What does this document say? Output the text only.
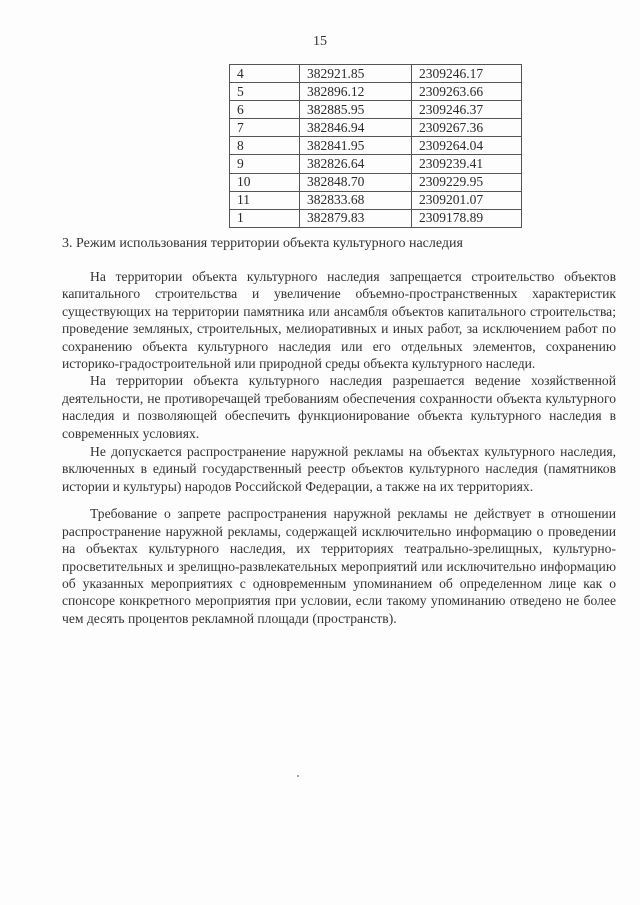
15
4	382921.85	2309246.17
5	382896.12	2309263.66
6	382885.95	2309246.37
7	382846.94	2309267.36
8	382841.95	2309264.04
9	382826.64	2309239.41
10	382848.70	2309229.95
11	382833.68	2309201.07
1	382879.83	2309178.89
3. Режим использования территории объекта культурного наследия

На территории объекта культурного наследия запрещается строительство объектов капитального строительства и увеличение объемно-пространственных характеристик существующих на территории памятника или ансамбля объектов капитального строительства; проведение земляных, строительных, мелиоративных и иных работ, за исключением работ по сохранению объекта культурного наследия или его отдельных элементов, сохранению историко-градостроительной или природной среды объекта культурного наследи.

На территории объекта культурного наследия разрешается ведение хозяйственной деятельности, не противоречащей требованиям обеспечения сохранности объекта культурного наследия и позволяющей обеспечить функционирование объекта культурного наследия в современных условиях.

Не допускается распространение наружной рекламы на объектах культурного наследия, включенных в единый государственный реестр объектов культурного наследия (памятников истории и культуры) народов Российской Федерации, а также на их территориях.

Требование о запрете распространения наружной рекламы не действует в отношении распространение наружной рекламы, содержащей исключительно информацию о проведении на объектах культурного наследия, их территориях театрально-зрелищных, культурно-просветительных и зрелищно-развлекательных мероприятий или исключительно информацию об указанных мероприятиях с одновременным упоминанием об определенном лице как о спонсоре конкретного мероприятия при условии, если такому упоминанию отведено не более чем десять процентов рекламной площади (пространств).
